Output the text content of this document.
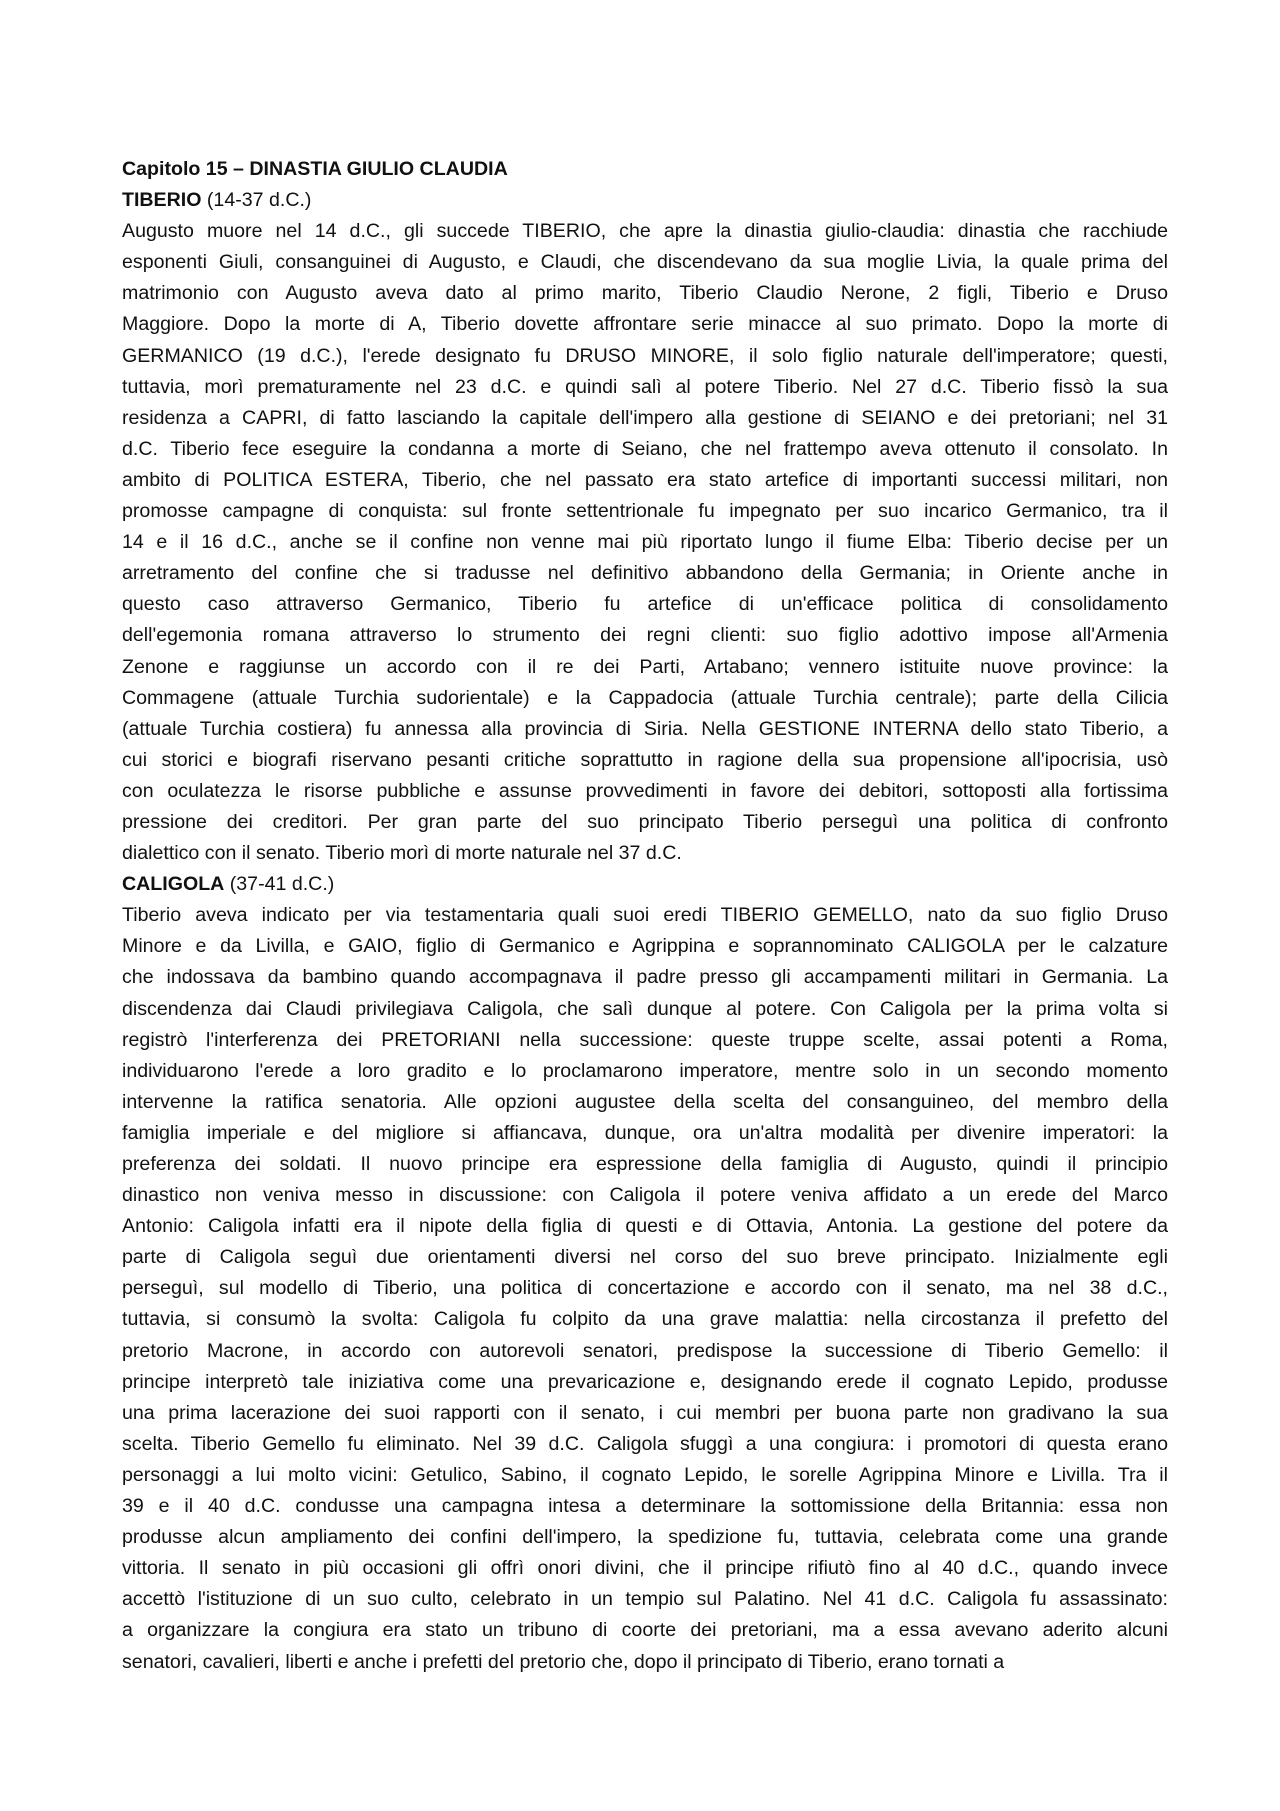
Capitolo 15 – DINASTIA GIULIO CLAUDIA
TIBERIO (14-37 d.C.)
Augusto muore nel 14 d.C., gli succede TIBERIO, che apre la dinastia giulio-claudia: dinastia che racchiude
esponenti Giuli, consanguinei di Augusto, e Claudi, che discendevano da sua moglie Livia, la quale prima del
matrimonio con Augusto aveva dato al primo marito, Tiberio Claudio Nerone, 2 figli, Tiberio e Druso
Maggiore. Dopo la morte di A, Tiberio dovette affrontare serie minacce al suo primato. Dopo la morte di
GERMANICO (19 d.C.), l'erede designato fu DRUSO MINORE, il solo figlio naturale dell'imperatore; questi,
tuttavia, morì prematuramente nel 23 d.C. e quindi salì al potere Tiberio. Nel 27 d.C. Tiberio fissò la sua
residenza a CAPRI, di fatto lasciando la capitale dell'impero alla gestione di SEIANO e dei pretoriani; nel 31
d.C. Tiberio fece eseguire la condanna a morte di Seiano, che nel frattempo aveva ottenuto il consolato. In
ambito di POLITICA ESTERA, Tiberio, che nel passato era stato artefice di importanti successi militari, non
promosse campagne di conquista: sul fronte settentrionale fu impegnato per suo incarico Germanico, tra il
14 e il 16 d.C., anche se il confine non venne mai più riportato lungo il fiume Elba: Tiberio decise per un
arretramento del confine che si tradusse nel definitivo abbandono della Germania; in Oriente anche in
questo caso attraverso Germanico, Tiberio fu artefice di un'efficace politica di consolidamento
dell'egemonia romana attraverso lo strumento dei regni clienti: suo figlio adottivo impose all'Armenia
Zenone e raggiunse un accordo con il re dei Parti, Artabano; vennero istituite nuove province: la
Commagene (attuale Turchia sudorientale) e la Cappadocia (attuale Turchia centrale); parte della Cilicia
(attuale Turchia costiera) fu annessa alla provincia di Siria. Nella GESTIONE INTERNA dello stato Tiberio, a
cui storici e biografi riservano pesanti critiche soprattutto in ragione della sua propensione all'ipocrisia, usò
con oculatezza le risorse pubbliche e assunse provvedimenti in favore dei debitori, sottoposti alla fortissima
pressione dei creditori. Per gran parte del suo principato Tiberio perseguì una politica di confronto
dialettico con il senato. Tiberio morì di morte naturale nel 37 d.C.
CALIGOLA (37-41 d.C.)
Tiberio aveva indicato per via testamentaria quali suoi eredi TIBERIO GEMELLO, nato da suo figlio Druso
Minore e da Livilla, e GAIO, figlio di Germanico e Agrippina e soprannominato CALIGOLA per le calzature
che indossava da bambino quando accompagnava il padre presso gli accampamenti militari in Germania. La
discendenza dai Claudi privilegiava Caligola, che salì dunque al potere. Con Caligola per la prima volta si
registrò l'interferenza dei PRETORIANI nella successione: queste truppe scelte, assai potenti a Roma,
individuarono l'erede a loro gradito e lo proclamarono imperatore, mentre solo in un secondo momento
intervenne la ratifica senatoria. Alle opzioni augustee della scelta del consanguineo, del membro della
famiglia imperiale e del migliore si affiancava, dunque, ora un'altra modalità per divenire imperatori: la
preferenza dei soldati. Il nuovo principe era espressione della famiglia di Augusto, quindi il principio
dinastico non veniva messo in discussione: con Caligola il potere veniva affidato a un erede del Marco
Antonio: Caligola infatti era il nipote della figlia di questi e di Ottavia, Antonia. La gestione del potere da
parte di Caligola seguì due orientamenti diversi nel corso del suo breve principato. Inizialmente egli
perseguì, sul modello di Tiberio, una politica di concertazione e accordo con il senato, ma nel 38 d.C.,
tuttavia, si consumò la svolta: Caligola fu colpito da una grave malattia: nella circostanza il prefetto del
pretorio Macrone, in accordo con autorevoli senatori, predispose la successione di Tiberio Gemello: il
principe interpretò tale iniziativa come una prevaricazione e, designando erede il cognato Lepido, produsse
una prima lacerazione dei suoi rapporti con il senato, i cui membri per buona parte non gradivano la sua
scelta. Tiberio Gemello fu eliminato. Nel 39 d.C. Caligola sfuggì a una congiura: i promotori di questa erano
personaggi a lui molto vicini: Getulico, Sabino, il cognato Lepido, le sorelle Agrippina Minore e Livilla. Tra il
39 e il 40 d.C. condusse una campagna intesa a determinare la sottomissione della Britannia: essa non
produsse alcun ampliamento dei confini dell'impero, la spedizione fu, tuttavia, celebrata come una grande
vittoria. Il senato in più occasioni gli offrì onori divini, che il principe rifiutò fino al 40 d.C., quando invece
accettò l'istituzione di un suo culto, celebrato in un tempio sul Palatino. Nel 41 d.C. Caligola fu assassinato:
a organizzare la congiura era stato un tribuno di coorte dei pretoriani, ma a essa avevano aderito alcuni
senatori, cavalieri, liberti e anche i prefetti del pretorio che, dopo il principato di Tiberio, erano tornati a
